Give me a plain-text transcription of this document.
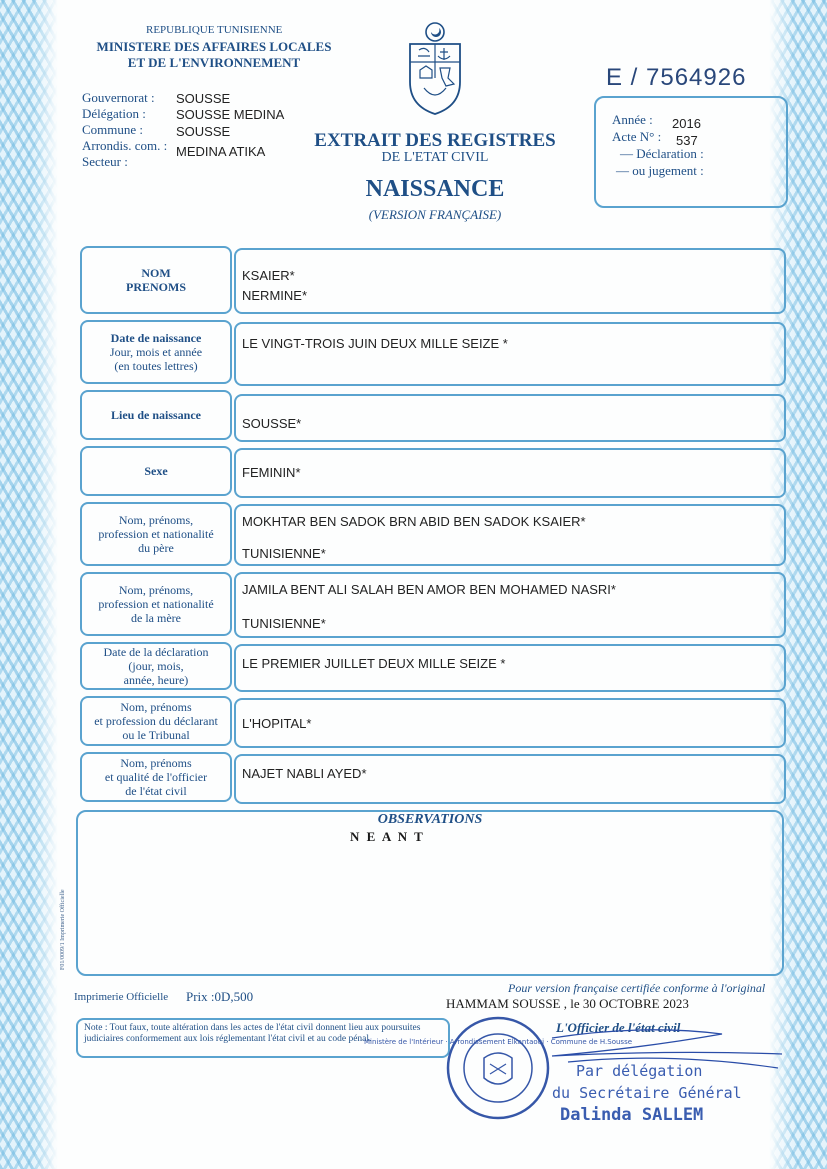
REPUBLIQUE TUNISIENNE
MINISTERE DES AFFAIRES LOCALES
ET DE L'ENVIRONNEMENT
Gouvernorat :
Délégation :
Commune :
Arrondis. com. :
Secteur :
SOUSSE
SOUSSE MEDINA
SOUSSE
MEDINA ATIKA
EXTRAIT DES REGISTRES
DE L'ETAT CIVIL
NAISSANCE
(VERSION FRANÇAISE)
E / 7564926
Année : 2016
Acte N° : 537
— Déclaration :
— ou jugement :
NOM
PRENOMS
KSAIER*
NERMINE*
Date de naissance
Jour, mois et année
(en toutes lettres)
LE VINGT-TROIS JUIN DEUX MILLE SEIZE *
Lieu de naissance
SOUSSE*
Sexe	FEMININ*
Nom, prénoms,
profession et nationalité
du père
MOKHTAR BEN SADOK BRN ABID BEN SADOK KSAIER*
TUNISIENNE*
Nom, prénoms,
profession et nationalité
de la mère
JAMILA BENT ALI SALAH BEN AMOR BEN MOHAMED NASRI*
TUNISIENNE*
Date de la déclaration
(jour, mois,
année, heure)
LE PREMIER JUILLET DEUX MILLE SEIZE *
Nom, prénoms
et profession du déclarant
ou le Tribunal
L'HOPITAL*
Nom, prénoms
et qualité de l'officier
de l'état civil
NAJET NABLI AYED*
OBSERVATIONS
N E A N T
F01/0009/1 Imprimerie Officielle
Imprimerie Officielle Prix :0D,500
Pour version française certifiée conforme à l'original
HAMMAM SOUSSE , le 30 OCTOBRE 2023
L'Officier de l'état civil
Note : Tout faux, toute altération dans les actes de l'état civil donnent lieu aux poursuites judiciaires conformement aux lois réglementant l'état civil et au code pénal.
Ministère de l'Intérieur · Arrondissement Elkantaoui · Commune de H.Sousse
Par délégation
du Secrétaire Général
Dalinda SALLEM
